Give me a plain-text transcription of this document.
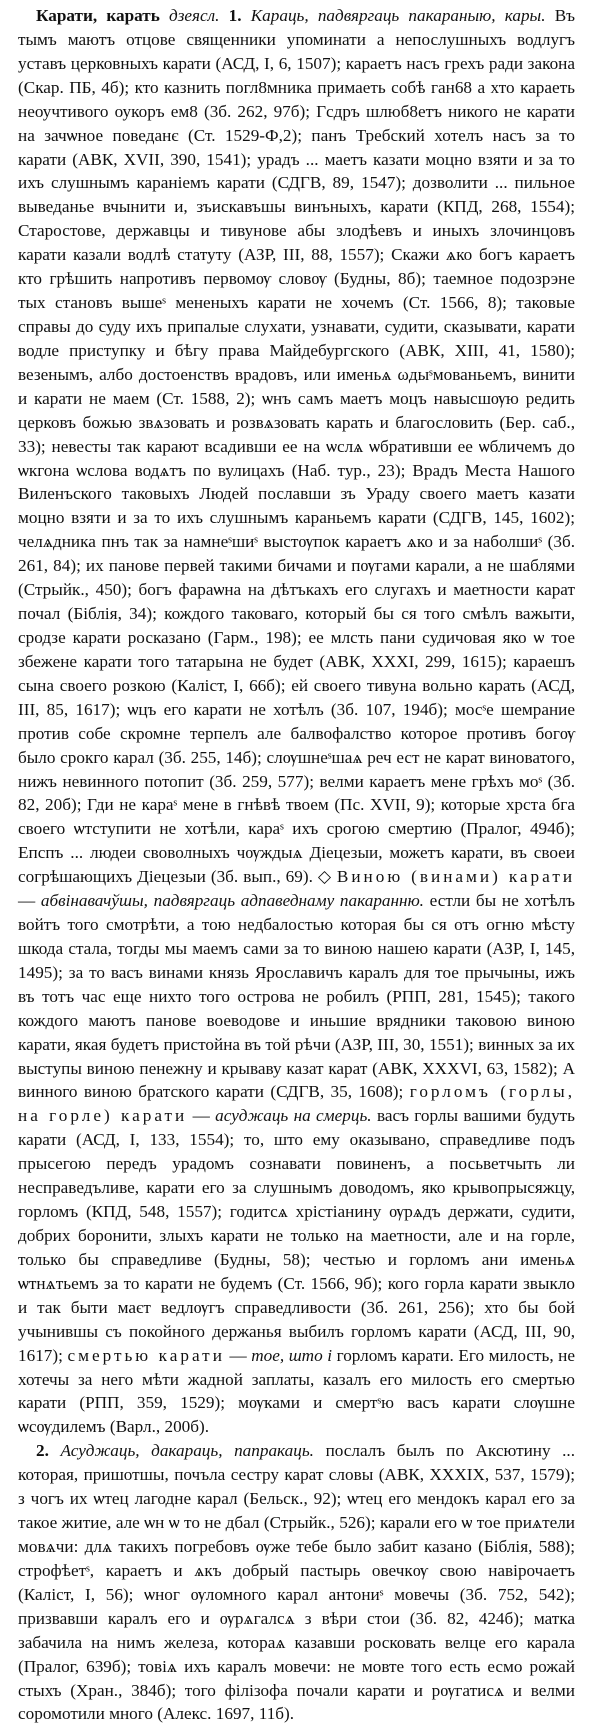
Карати, карать дзеясл. 1. Караць, падвяргаць пакараныю, кары. Въ тымъ маютъ отцове священники упоминати а непослушныхъ водлугъ уставъ церковныхъ карати (АСД, I, 6, 1507); караетъ насъ грехъ ради закона (Скар. ПБ, 4б); кто казнить погл8мника примаеть собѣ ган68 а хто караеть неоучтивого оукоръ ем8 (3б. 262, 97б); Гсдръ шлюб8етъ никого не карати на зачѡное поведанє (Ст. 1529-Ф,2); панъ Требский хотелъ насъ за то карати (АВК, XVII, 390, 1541); урадъ ... маетъ казати моцно взяти и за то ихъ слушнымъ караніемъ карати (СДГВ, 89, 1547); дозволити ... пильное выведанье вчынити и, зъискавъшы винъныхъ, карати (КПД, 268, 1554); Старостове, державцы и тивунове абы злодѣевъ и иныхъ злочинцовъ карати казали водлѣ статуту (АЗР, III, 88, 1557); Скажи ѧко богъ караетъ кто грѣшить напротивъ первомѹ словѹ (Будны, 8б); таемное подозрэне тых становъ вышеˢ мененыхъ карати не хочемъ (Ст. 1566, 8); таковые справы до суду ихъ припалые слухати, узнавати, судити, сказывати, карати водле приступку и бѣгу права Майдебургского (АВК, XIII, 41, 1580); везенымъ, албо достоенствъ врадовъ, или именьѧ ωдыˢмованьемъ, винити и карати не маем (Ст. 1588, 2); ѡнъ самъ маетъ моцъ навысшѹю редить церковъ божью звѧзовать и розвѧзовать карать и благословить (Бер. саб., 33); невесты так карают всадивши ее на ѡслѧ ѡбративши ее ѡбличемъ до ѡкгона ѡслова водѧтъ по вулицахъ (Наб. тур., 23); Врадъ Места Нашого Виленъского таковыхъ Людей пославши зъ Ураду своего маетъ казати моцно взяти и за то ихъ слушнымъ караньемъ карати (СДГВ, 145, 1602); челѧдника пнъ так за намнеˢшиˢ выстѹпок караетъ ѧко и за наболшиˢ (3б. 261, 84); их панове первей такими бичами и пѹгами карали, а не шаблями (Стрыйк., 450); богъ фараѡна на дѣтъкахъ его слугахъ и маетности карат почал (Біблія, 34); кождого таковаго, который бы ся того смѣлъ важыти, сродзе карати росказано (Гарм., 198); ее млсть пани судичовая яко ѡ тое збежене карати того татарына не будет (АВК, XXXI, 299, 1615); караешъ сына своего розкою (Каліст, I, 66б); ей своего тивуна вольно карать (АСД, III, 85, 1617); ѡцъ его карати не хотѣлъ (3б. 107, 194б); мосˢе шемрание против собе скромне терпелъ але балвофалство которое противъ богѹ было срокго карал (3б. 255, 14б); слѹшнеˢшаѧ реч ест не карат виноватого, нижъ невинного потопит (3б. 259, 577); велми караетъ мене грѣхъ моˢ (3б. 82, 20б); Гди не караˢ мене в гнѣвѣ твоем (Пс. XVII, 9); которые хрста бга своего ѡтступити не хотѣли, караˢ ихъ срогою смертию (Пралог, 494б); Епспъ ... людеи своволныхъ чѹждыѧ Діецезыи, можетъ карати, въ своеи согрѣшающихъ Діецезыи (3б. вып., 69). ◇ Виною (винами) карати — абвінавачўшы, падвяргаць адпаведнаму пакаранню. естли бы не хотѣлъ войтъ того смотрѣти, а тою недбалостью которая бы ся отъ огню мѣсту шкода стала, тогды мы маемъ сами за то виною нашею карати (АЗР, I, 145, 1495); за то васъ винами князь Ярославичъ каралъ для тое прычыны, ижъ въ тотъ час еще нихто того острова не робилъ (РПП, 281, 1545); такого кождого маютъ панове воеводове и иньшие врядники таковою виною карати, якая будетъ пристойна въ той рѣчи (АЗР, III, 30, 1551); винных за их выступы виною пенежну и крываву казат карат (АВК, XXXVI, 63, 1582); А винного виною братского карати (СДГВ, 35, 1608); горломъ (горлы, на горле) карати — асуджаць на смерць. васъ горлы вашими будуть карати (АСД, I, 133, 1554); то, што ему оказывано, справедливе подъ прысегою передъ урадомъ сознавати повиненъ, а посьветчыть ли несправедъливе, карати его за слушнымъ доводомъ, яко крывопрысяжцу, горломъ (КПД, 548, 1557); годитсѧ хрістіанину ѹрѧдъ держати, судити, добрих боронити, злыхъ карати не только на маетности, але и на горле, только бы справедливе (Будны, 58); честью и горломъ ани именьѧ ѡтнѧтьемъ за то карати не будемъ (Ст. 1566, 9б); кого горла карати звыкло и так быти маєт ведлѹгъ справедливости (3б. 261, 256); хто бы бой учынившы съ покойного держанья выбилъ горломъ карати (АСД, III, 90, 1617); смертью карати — тое, што і горломъ карати. Его милость, не хотечы за него мѣти жадной заплаты, казалъ его милость его смертью карати (РПП, 359, 1529); мѹками и смертˢю васъ карати слѹшне ѡсѹдилемъ (Варл., 200б).

2. Асуджаць, дакараць, папракаць. послалъ былъ по Аксютину ... которая, пришотшы, почъла сестру карат словы (АВК, XXXIX, 537, 1579); з чогъ их ѡтец лагодне карал (Бельск., 92); ѡтец его мендокъ карал его за такое житие, але ѡн ѡ то не дбал (Стрыйк., 526); карали его ѡ тое приѧтели мовѧчи: длѧ такихъ погребовъ ѹже тебе было забит казано (Біблія, 588); строфѣетˢ, караетъ и ѧкъ добрый пастырь овечкѹ свою навірочаетъ (Каліст, I, 56); ѡног ѹломного карал антониˢ мовечы (3б. 752, 542); призвавши каралъ его и ѹрѧгалсѧ з вѣри стои (3б. 82, 424б); матка забачила на нимъ железа, котораѧ казавши росковать велце его карала (Пралог, 639б); товіѧ ихъ каралъ мовечи: не мовте того есть есмо рожай стыхъ (Хран., 384б); того філізофа почали карати и рѹгатисѧ и велми соромотили много (Алекс. 1697, 11б).
